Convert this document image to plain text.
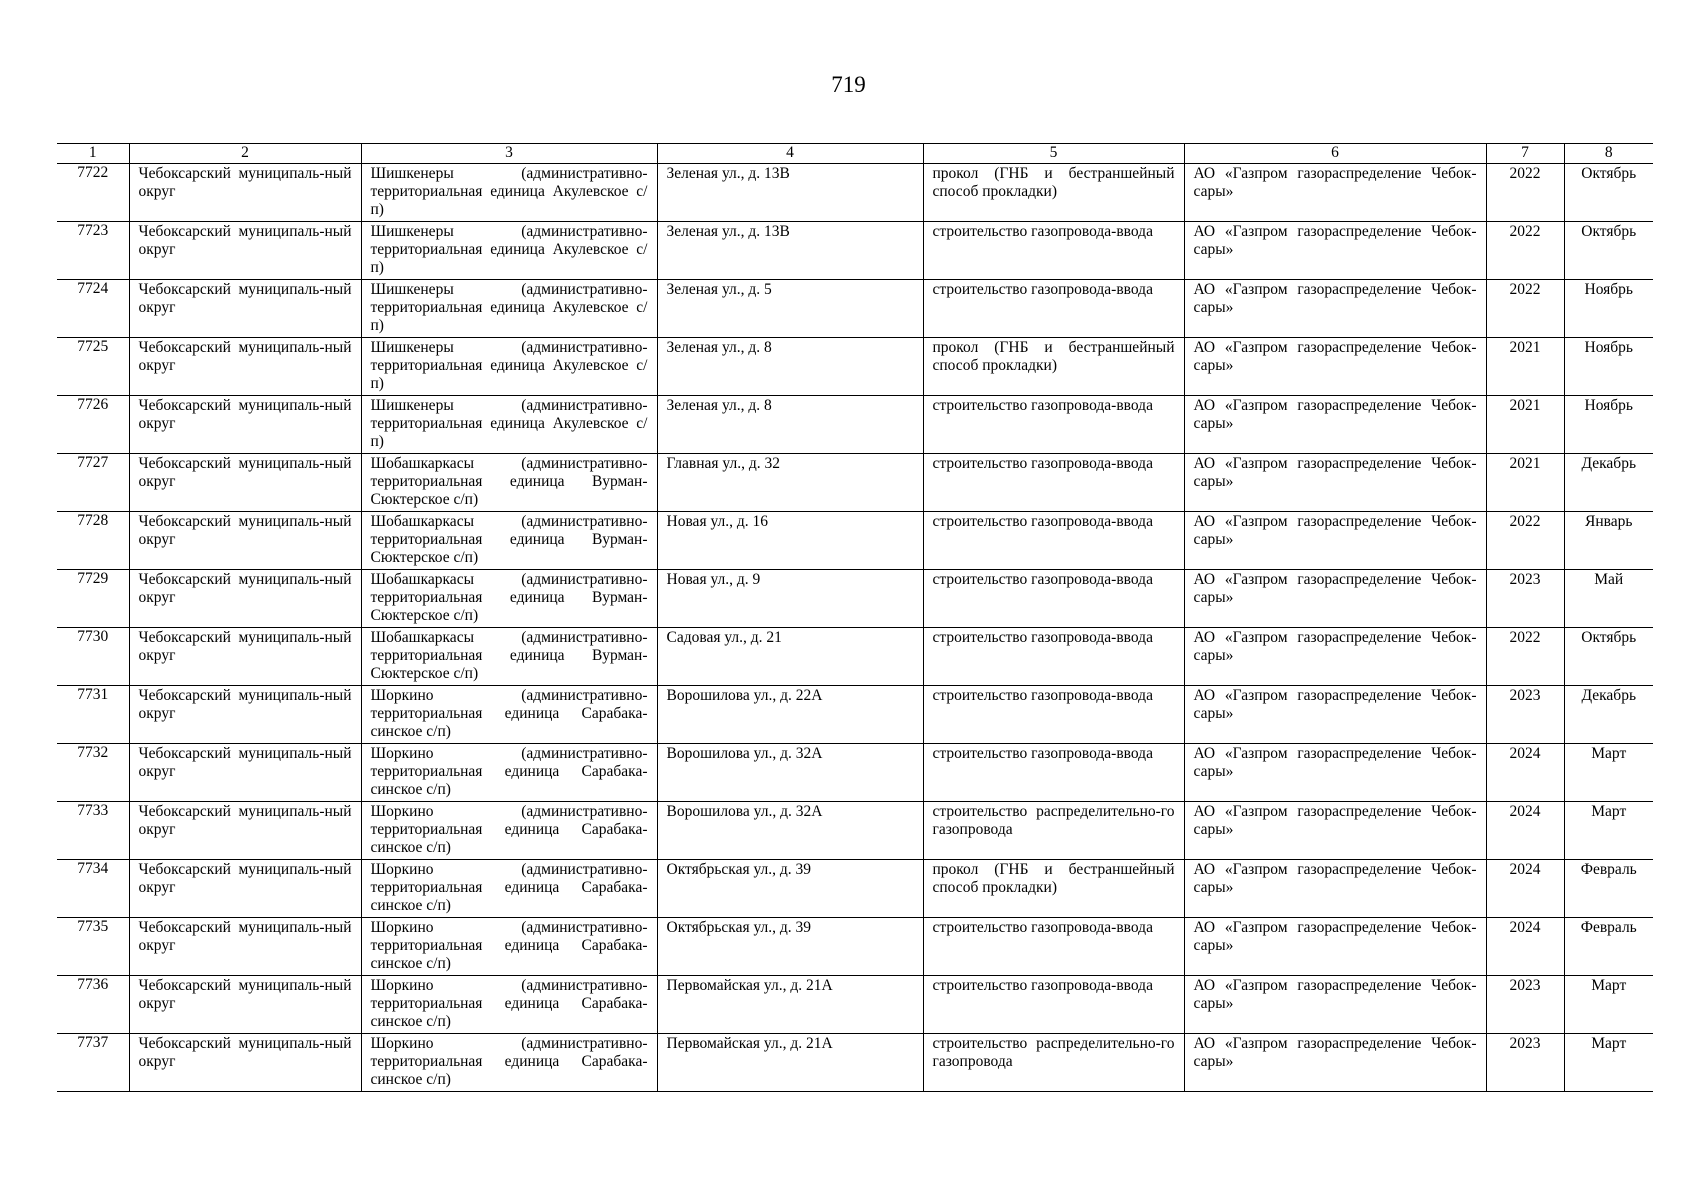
719
1	2	3	4	5	6	7	8
7722	Чебоксарский муниципаль-ный округ	Шишкенеры (административно-территориальная единица Акулевское с/п)	Зеленая ул., д. 13В	прокол (ГНБ и бестраншейный способ прокладки)	АО «Газпром газораспределение Чебок-сары»	2022	Октябрь
7723	Чебоксарский муниципаль-ный округ	Шишкенеры (административно-территориальная единица Акулевское с/п)	Зеленая ул., д. 13В	строительство газопровода-ввода	АО «Газпром газораспределение Чебок-сары»	2022	Октябрь
7724	Чебоксарский муниципаль-ный округ	Шишкенеры (административно-территориальная единица Акулевское с/п)	Зеленая ул., д. 5	строительство газопровода-ввода	АО «Газпром газораспределение Чебок-сары»	2022	Ноябрь
7725	Чебоксарский муниципаль-ный округ	Шишкенеры (административно-территориальная единица Акулевское с/п)	Зеленая ул., д. 8	прокол (ГНБ и бестраншейный способ прокладки)	АО «Газпром газораспределение Чебок-сары»	2021	Ноябрь
7726	Чебоксарский муниципаль-ный округ	Шишкенеры (административно-территориальная единица Акулевское с/п)	Зеленая ул., д. 8	строительство газопровода-ввода	АО «Газпром газораспределение Чебок-сары»	2021	Ноябрь
7727	Чебоксарский муниципаль-ный округ	Шобашкаркасы (административно-территориальная единица Вурман-Сюктерское с/п)	Главная ул., д. 32	строительство газопровода-ввода	АО «Газпром газораспределение Чебок-сары»	2021	Декабрь
7728	Чебоксарский муниципаль-ный округ	Шобашкаркасы (административно-территориальная единица Вурман-Сюктерское с/п)	Новая ул., д. 16	строительство газопровода-ввода	АО «Газпром газораспределение Чебок-сары»	2022	Январь
7729	Чебоксарский муниципаль-ный округ	Шобашкаркасы (административно-территориальная единица Вурман-Сюктерское с/п)	Новая ул., д. 9	строительство газопровода-ввода	АО «Газпром газораспределение Чебок-сары»	2023	Май
7730	Чебоксарский муниципаль-ный округ	Шобашкаркасы (административно-территориальная единица Вурман-Сюктерское с/п)	Садовая ул., д. 21	строительство газопровода-ввода	АО «Газпром газораспределение Чебок-сары»	2022	Октябрь
7731	Чебоксарский муниципаль-ный округ	Шоркино (административно-территориальная единица Сарабака-синское с/п)	Ворошилова ул., д. 22А	строительство газопровода-ввода	АО «Газпром газораспределение Чебок-сары»	2023	Декабрь
7732	Чебоксарский муниципаль-ный округ	Шоркино (административно-территориальная единица Сарабака-синское с/п)	Ворошилова ул., д. 32А	строительство газопровода-ввода	АО «Газпром газораспределение Чебок-сары»	2024	Март
7733	Чебоксарский муниципаль-ный округ	Шоркино (административно-территориальная единица Сарабака-синское с/п)	Ворошилова ул., д. 32А	строительство распределительно-го газопровода	АО «Газпром газораспределение Чебок-сары»	2024	Март
7734	Чебоксарский муниципаль-ный округ	Шоркино (административно-территориальная единица Сарабака-синское с/п)	Октябрьская ул., д. 39	прокол (ГНБ и бестраншейный способ прокладки)	АО «Газпром газораспределение Чебок-сары»	2024	Февраль
7735	Чебоксарский муниципаль-ный округ	Шоркино (административно-территориальная единица Сарабака-синское с/п)	Октябрьская ул., д. 39	строительство газопровода-ввода	АО «Газпром газораспределение Чебок-сары»	2024	Февраль
7736	Чебоксарский муниципаль-ный округ	Шоркино (административно-территориальная единица Сарабака-синское с/п)	Первомайская ул., д. 21А	строительство газопровода-ввода	АО «Газпром газораспределение Чебок-сары»	2023	Март
7737	Чебоксарский муниципаль-ный округ	Шоркино (административно-территориальная единица Сарабака-синское с/п)	Первомайская ул., д. 21А	строительство распределительно-го газопровода	АО «Газпром газораспределение Чебок-сары»	2023	Март
